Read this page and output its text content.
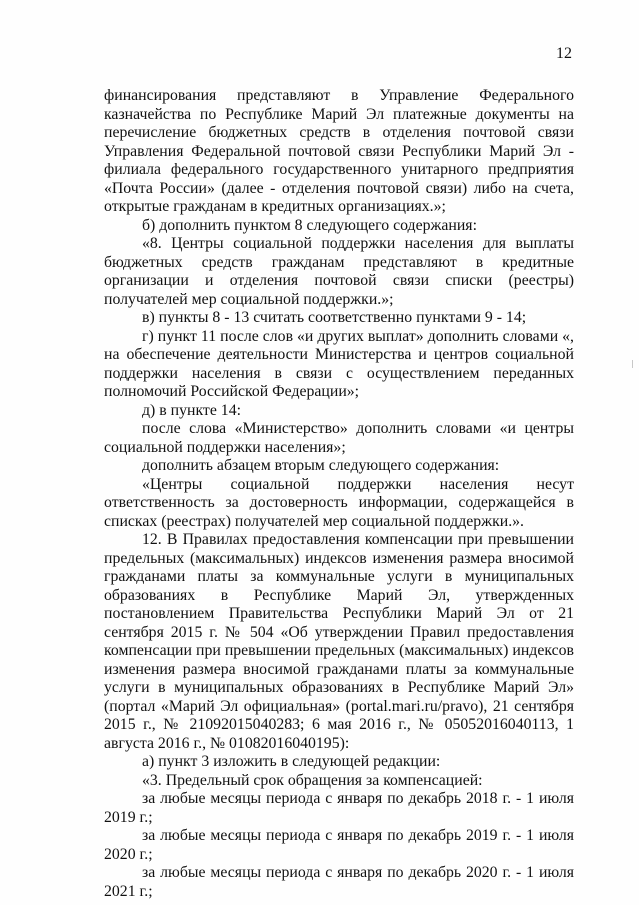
12

финансирования представляют в Управление Федерального казначейства по Республике Марий Эл платежные документы на перечисление бюджетных средств в отделения почтовой связи Управления Федеральной почтовой связи Республики Марий Эл - филиала федерального государственного унитарного предприятия «Почта России» (далее - отделения почтовой связи) либо на счета, открытые гражданам в кредитных организациях.»;

б) дополнить пунктом 8 следующего содержания:

«8. Центры социальной поддержки населения для выплаты бюджетных средств гражданам представляют в кредитные организации и отделения почтовой связи списки (реестры) получателей мер социальной поддержки.»;

в) пункты 8 - 13 считать соответственно пунктами 9 - 14;

г) пункт 11 после слов «и других выплат» дополнить словами «, на обеспечение деятельности Министерства и центров социальной поддержки населения в связи с осуществлением переданных полномочий Российской Федерации»;

д) в пункте 14:

после слова «Министерство» дополнить словами «и центры социальной поддержки населения»;

дополнить абзацем вторым следующего содержания:

«Центры социальной поддержки населения несут ответственность за достоверность информации, содержащейся в списках (реестрах) получателей мер социальной поддержки.».

12. В Правилах предоставления компенсации при превышении предельных (максимальных) индексов изменения размера вносимой гражданами платы за коммунальные услуги в муниципальных образованиях в Республике Марий Эл, утвержденных постановлением Правительства Республики Марий Эл от 21 сентября 2015 г. № 504 «Об утверждении Правил предоставления компенсации при превышении предельных (максимальных) индексов изменения размера вносимой гражданами платы за коммунальные услуги в муниципальных образованиях в Республике Марий Эл» (портал «Марий Эл официальная» (portal.mari.ru/pravo), 21 сентября 2015 г., № 21092015040283; 6 мая 2016 г., № 05052016040113, 1 августа 2016 г., № 01082016040195):

а) пункт 3 изложить в следующей редакции:

«3. Предельный срок обращения за компенсацией:

за любые месяцы периода с января по декабрь 2018 г. - 1 июля 2019 г.;

за любые месяцы периода с января по декабрь 2019 г. - 1 июля 2020 г.;

за любые месяцы периода с января по декабрь 2020 г. - 1 июля 2021 г.;
